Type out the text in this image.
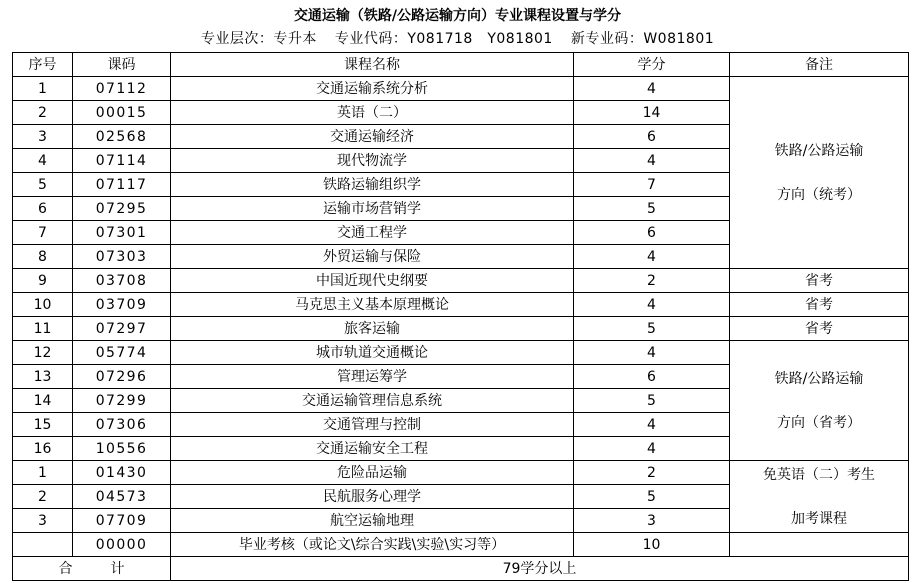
交通运输（铁路/公路运输方向）专业课程设置与学分
专业层次：专升本 专业代码：Y081718　Y081801 新专业码：W081801
序号	课码	课程名称	学分	备注
1	07112	交通运输系统分析	4	铁路/公路运输
方向（统考）

2	00015	英语（二）	14	
3	02568	交通运输经济	6	
4	07114	现代物流学	4	
5	07117	铁路运输组织学	7	
6	07295	运输市场营销学	5	
7	07301	交通工程学	6	
8	07303	外贸运输与保险	4	
9	03708	中国近现代史纲要	2	省考
10	03709	马克思主义基本原理概论	4	省考
11	07297	旅客运输	5	省考
12	05774	城市轨道交通概论	4	铁路/公路运输
方向（省考）

13	07296	管理运筹学	6	
14	07299	交通运输管理信息系统	5	
15	07306	交通管理与控制	4	
16	10556	交通运输安全工程	4	
1	01430	危险品运输	2	免英语（二）考生
加考课程

2	04573	民航服务心理学	5	
3	07709	航空运输地理	3	
	00000	毕业考核（或论文\综合实践\实验\实习等）	10	
合 计		79学分以上		
